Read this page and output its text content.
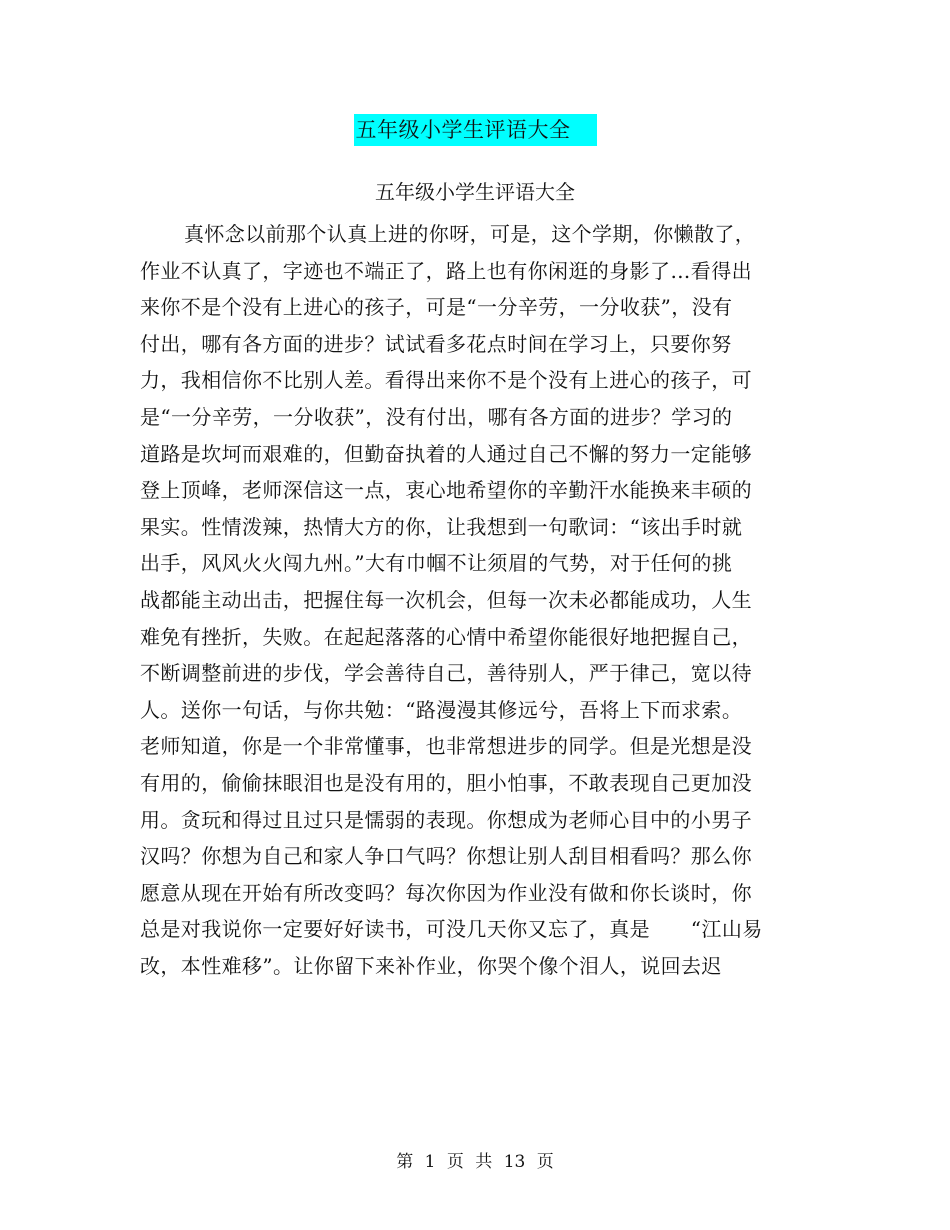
五年级小学生评语大全
五年级小学生评语大全
真怀念以前那个认真上进的你呀，可是，这个学期，你懒散了，
作业不认真了，字迹也不端正了，路上也有你闲逛的身影了…看得出
来你不是个没有上进心的孩子，可是“一分辛劳，一分收获”，没有
付出，哪有各方面的进步？试试看多花点时间在学习上，只要你努
力，我相信你不比别人差。看得出来你不是个没有上进心的孩子，可
是“一分辛劳，一分收获”，没有付出，哪有各方面的进步？学习的
道路是坎坷而艰难的，但勤奋执着的人通过自己不懈的努力一定能够
登上顶峰，老师深信这一点，衷心地希望你的辛勤汗水能换来丰硕的
果实。性情泼辣，热情大方的你，让我想到一句歌词：“该出手时就
出手，风风火火闯九州。”大有巾帼不让须眉的气势，对于任何的挑
战都能主动出击，把握住每一次机会，但每一次未必都能成功，人生
难免有挫折，失败。在起起落落的心情中希望你能很好地把握自己，
不断调整前进的步伐，学会善待自己，善待别人，严于律己，宽以待
人。送你一句话，与你共勉：“路漫漫其修远兮，吾将上下而求索。
老师知道，你是一个非常懂事，也非常想进步的同学。但是光想是没
有用的，偷偷抹眼泪也是没有用的，胆小怕事，不敢表现自己更加没
用。贪玩和得过且过只是懦弱的表现。你想成为老师心目中的小男子
汉吗？你想为自己和家人争口气吗？你想让别人刮目相看吗？那么你
愿意从现在开始有所改变吗？每次你因为作业没有做和你长谈时，你
总是对我说你一定要好好读书，可没几天你又忘了，真是　　“江山易
改，本性难移”。让你留下来补作业，你哭个像个泪人，说回去迟
第 1 页 共 13 页
